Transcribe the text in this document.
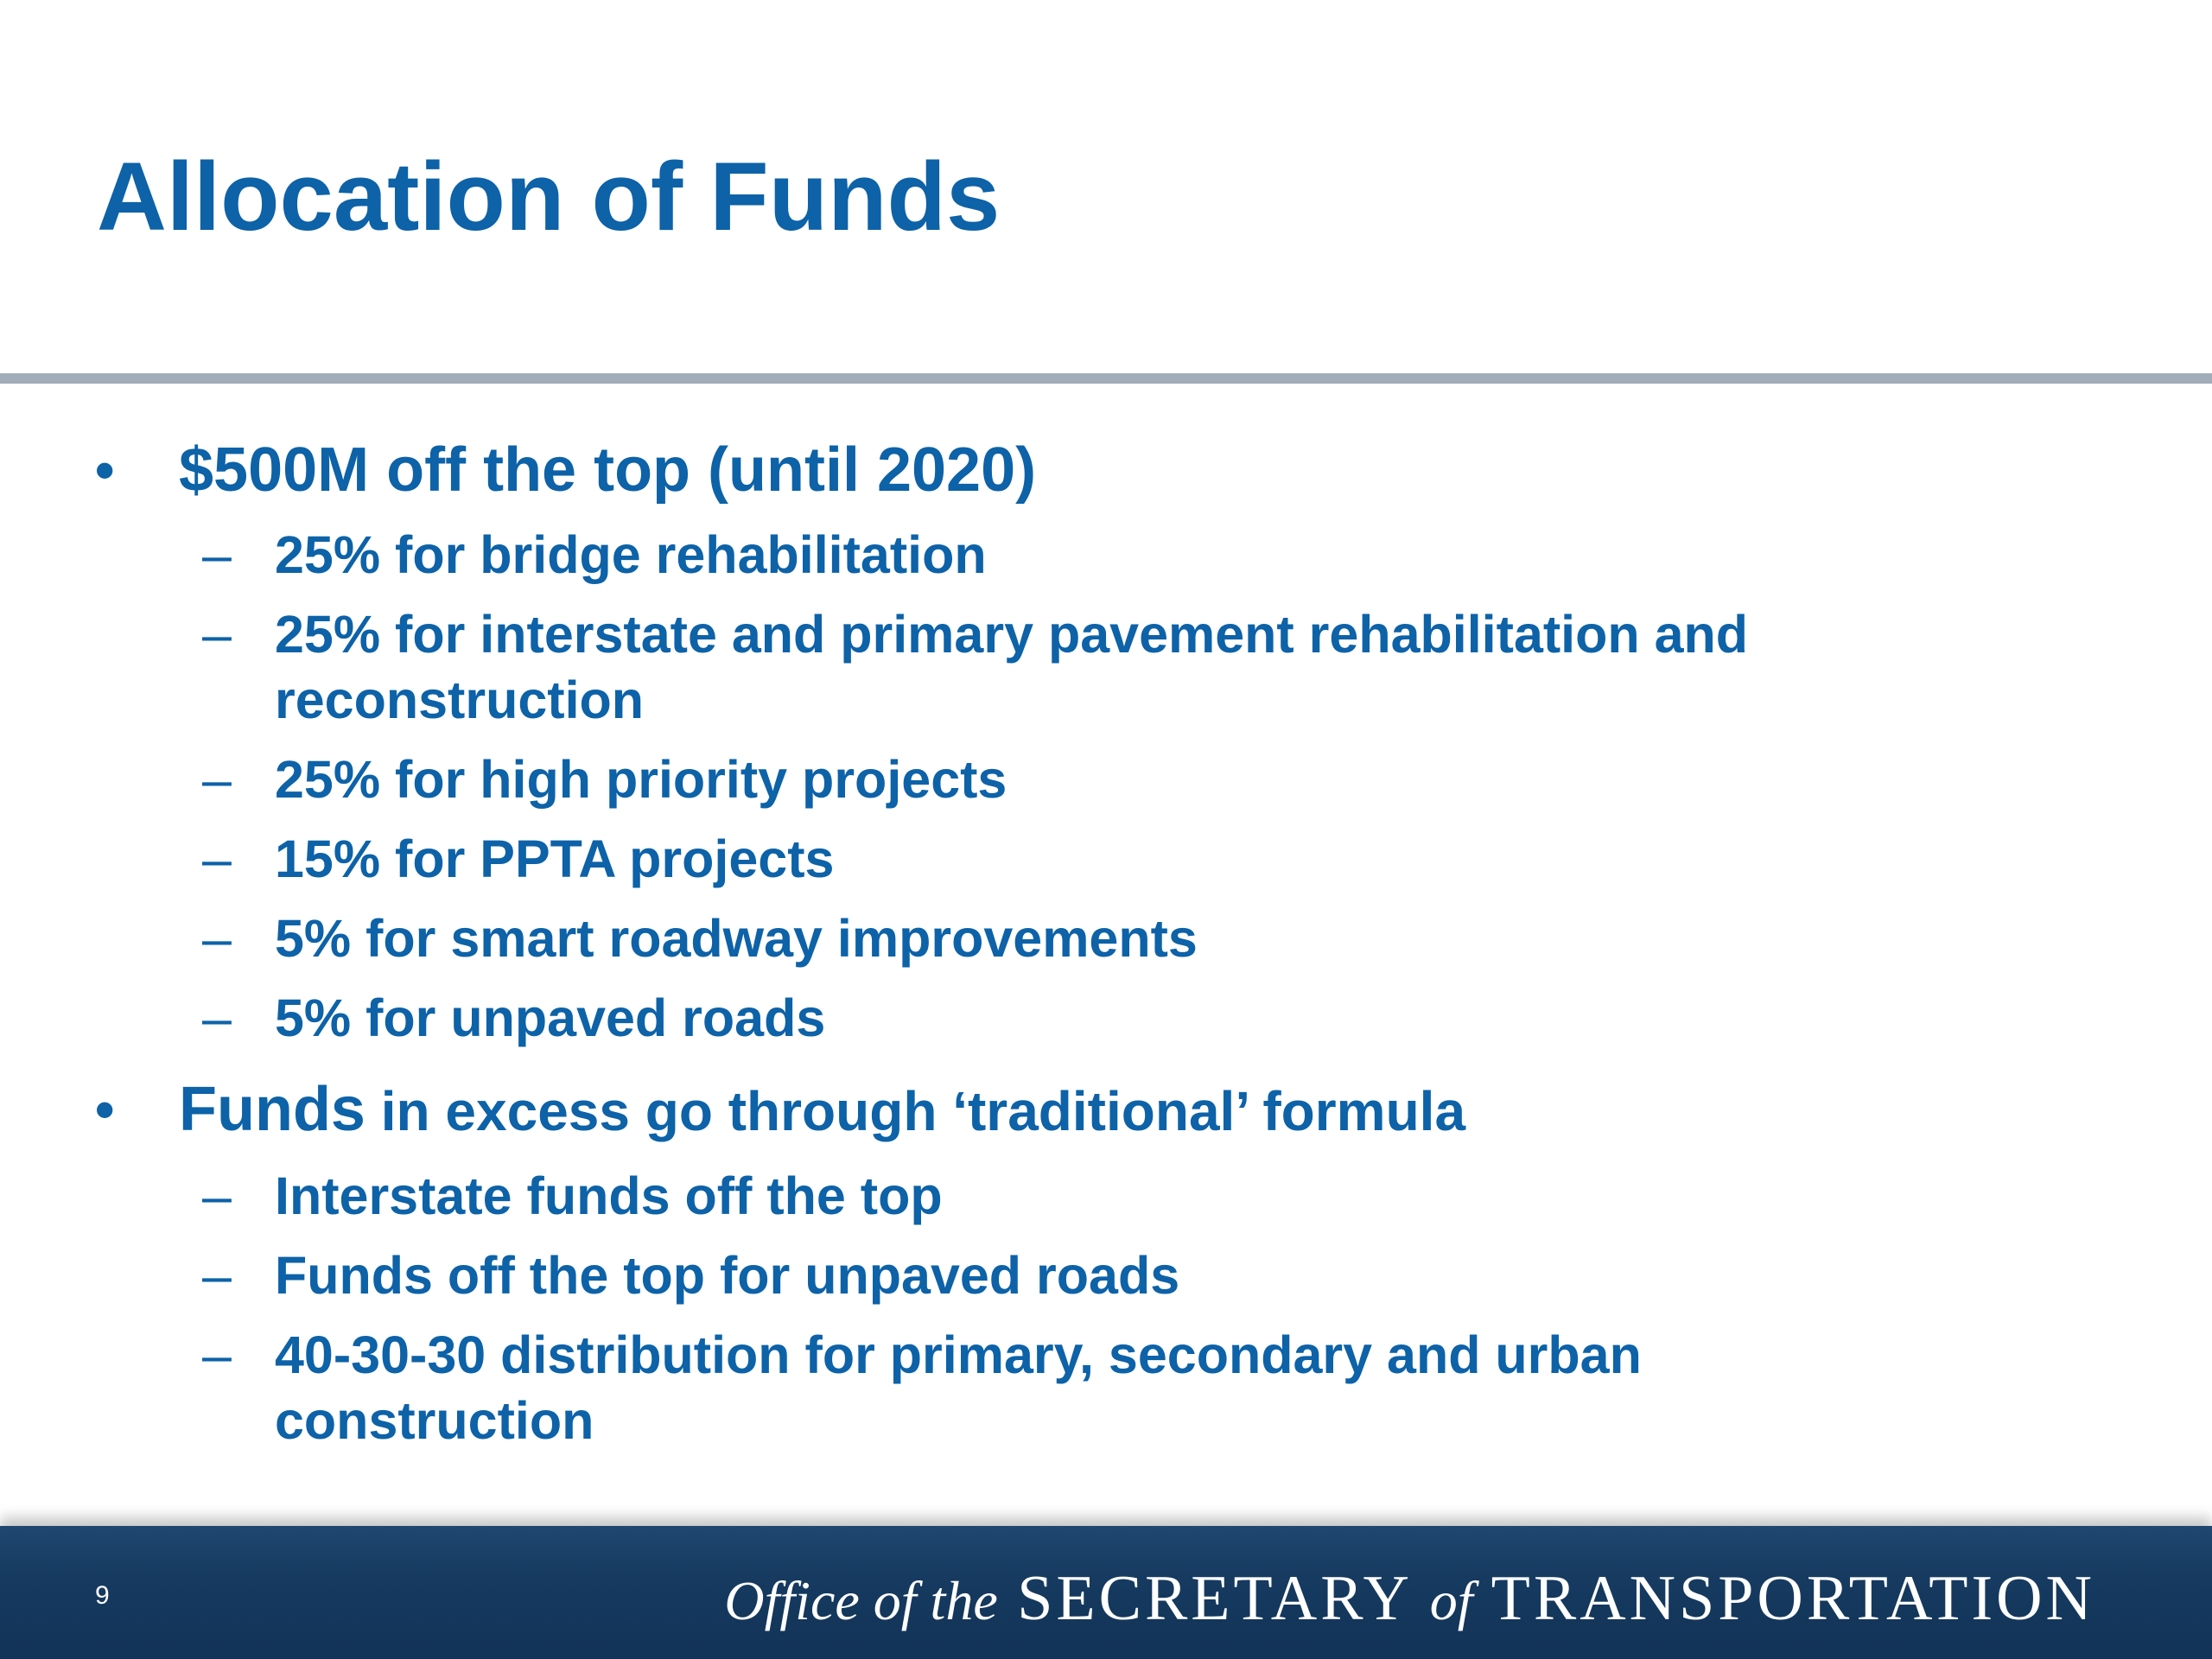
Allocation of Funds
• $500M off the top (until 2020)
– 25% for bridge rehabilitation
– 25% for interstate and primary pavement rehabilitation and reconstruction
– 25% for high priority projects
– 15% for PPTA projects
– 5% for smart roadway improvements
– 5% for unpaved roads
• Funds in excess go through ‘traditional’ formula
– Interstate funds off the top
– Funds off the top for unpaved roads
– 40-30-30 distribution for primary, secondary and urban construction
9	Office of the SECRETARY of TRANSPORTATION
